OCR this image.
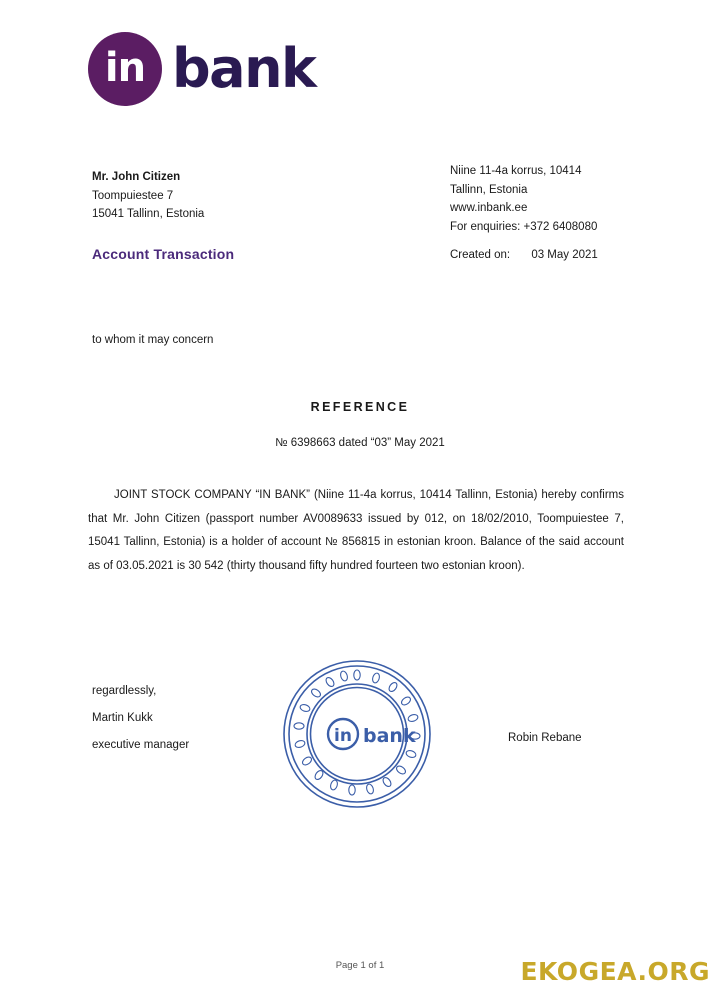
in bank
Mr. John Citizen
Toompuiestee 7
15041 Tallinn, Estonia
Niine 11-4a korrus, 10414
Tallinn, Estonia
www.inbank.ee
For enquiries: +372 6408080
Account Transaction	Created on: 03 May 2021
to whom it may concern
REFERENCE
№ 6398663 dated “03” May 2021
JOINT STOCK COMPANY “IN BANK” (Niine 11-4a korrus, 10414 Tallinn, Estonia) hereby confirms that Mr. John Citizen (passport number AV0089633 issued by 012, on 18/02/2010, Toompuiestee 7, 15041 Tallinn, Estonia) is a holder of account № 856815 in estonian kroon. Balance of the said account as of 03.05.2021 is 30 542 (thirty thousand fifty hundred fourteen two estonian kroon).
regardlessly,
Martin Kukk
executive manager
Robin Rebane
in bank
Page 1 of 1	EKOGEA.ORG
